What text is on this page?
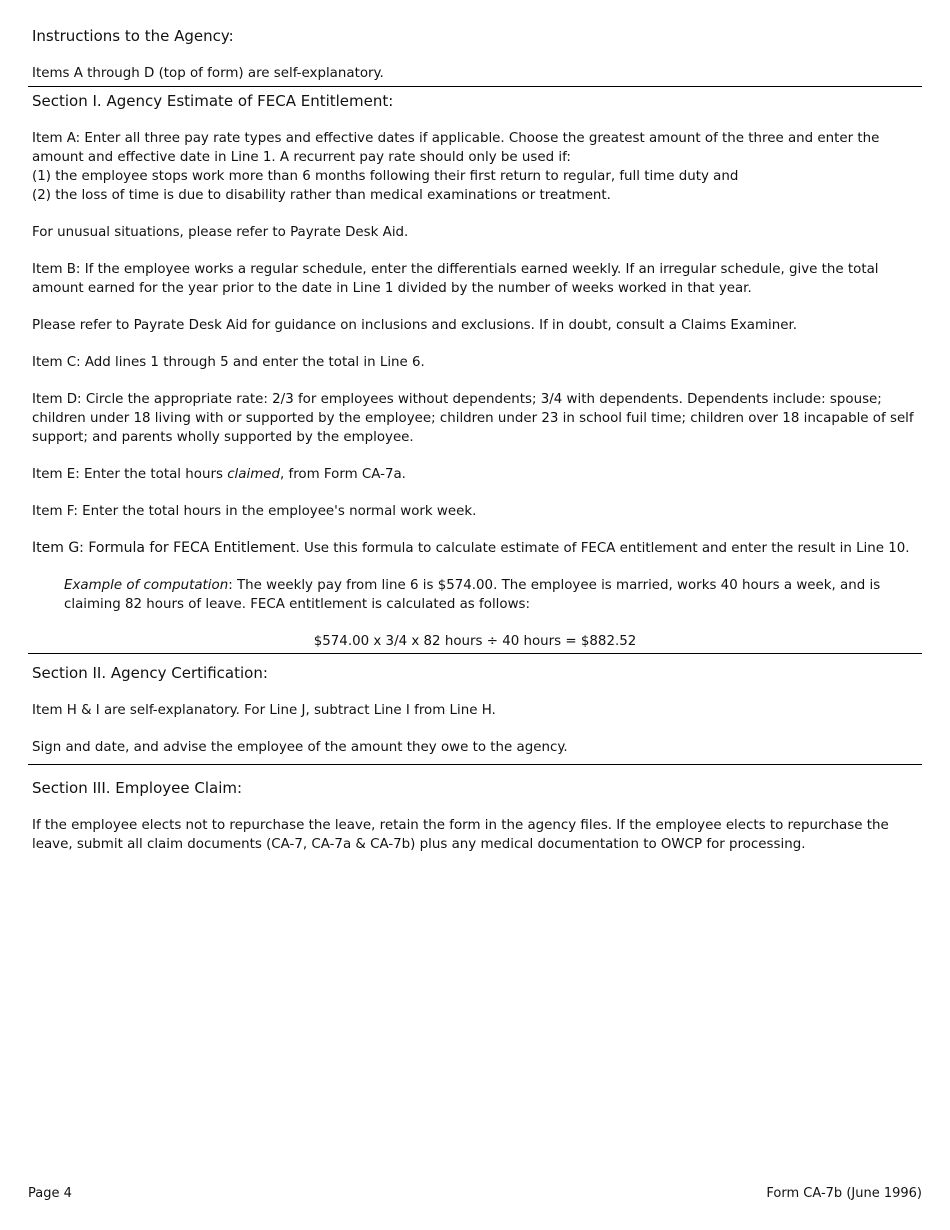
Instructions to the Agency:

Items A through D (top of form) are self-explanatory.

Section I. Agency Estimate of FECA Entitlement:

Item A: Enter all three pay rate types and effective dates if applicable. Choose the greatest amount of the three and enter the amount and effective date in Line 1. A recurrent pay rate should only be used if:

(1) the employee stops work more than 6 months following their first return to regular, full time duty and

(2) the loss of time is due to disability rather than medical examinations or treatment.

For unusual situations, please refer to Payrate Desk Aid.

Item B: If the employee works a regular schedule, enter the differentials earned weekly. If an irregular schedule, give the total amount earned for the year prior to the date in Line 1 divided by the number of weeks worked in that year.

Please refer to Payrate Desk Aid for guidance on inclusions and exclusions. If in doubt, consult a Claims Examiner.

Item C: Add lines 1 through 5 and enter the total in Line 6.

Item D: Circle the appropriate rate: 2/3 for employees without dependents; 3/4 with dependents. Dependents include: spouse; children under 18 living with or supported by the employee; children under 23 in school fuil time; children over 18 incapable of self support; and parents wholly supported by the employee.

Item E: Enter the total hours claimed, from Form CA-7a.

Item F: Enter the total hours in the employee's normal work week.

Item G: Formula for FECA Entitlement. Use this formula to calculate estimate of FECA entitlement and enter the result in Line 10.

Example of computation: The weekly pay from line 6 is $574.00. The employee is married, works 40 hours a week, and is claiming 82 hours of leave. FECA entitlement is calculated as follows:

$574.00 x 3/4 x 82 hours ÷ 40 hours = $882.52

Section II. Agency Certification:

Item H & I are self-explanatory. For Line J, subtract Line I from Line H.

Sign and date, and advise the employee of the amount they owe to the agency.

Section III. Employee Claim:

If the employee elects not to repurchase the leave, retain the form in the agency files. If the employee elects to repurchase the leave, submit all claim documents (CA-7, CA-7a & CA-7b) plus any medical documentation to OWCP for processing.

Page 4	Form CA-7b (June 1996)
